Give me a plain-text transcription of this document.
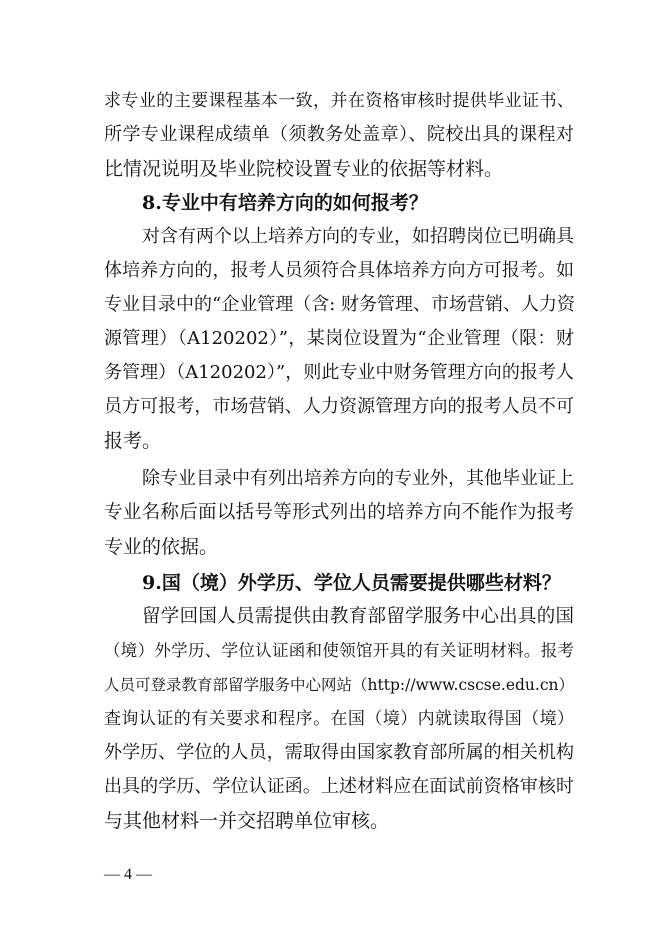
求专业的主要课程基本一致，并在资格审核时提供毕业证书、
所学专业课程成绩单（须教务处盖章）、院校出具的课程对
比情况说明及毕业院校设置专业的依据等材料。
8.专业中有培养方向的如何报考？
对含有两个以上培养方向的专业，如招聘岗位已明确具
体培养方向的，报考人员须符合具体培养方向方可报考。如
专业目录中的“企业管理（含: 财务管理、市场营销、人力资
源管理）（A120202）”，某岗位设置为“企业管理（限：财
务管理）（A120202）”，则此专业中财务管理方向的报考人
员方可报考，市场营销、人力资源管理方向的报考人员不可
报考。
除专业目录中有列出培养方向的专业外，其他毕业证上
专业名称后面以括号等形式列出的培养方向不能作为报考
专业的依据。
9.国（境）外学历、学位人员需要提供哪些材料？
留学回国人员需提供由教育部留学服务中心出具的国
（境）外学历、学位认证函和使领馆开具的有关证明材料。报考
人员可登录教育部留学服务中心网站（http://www.cscse.edu.cn）
查询认证的有关要求和程序。在国（境）内就读取得国（境）
外学历、学位的人员，需取得由国家教育部所属的相关机构
出具的学历、学位认证函。上述材料应在面试前资格审核时
与其他材料一并交招聘单位审核。
— 4 —
